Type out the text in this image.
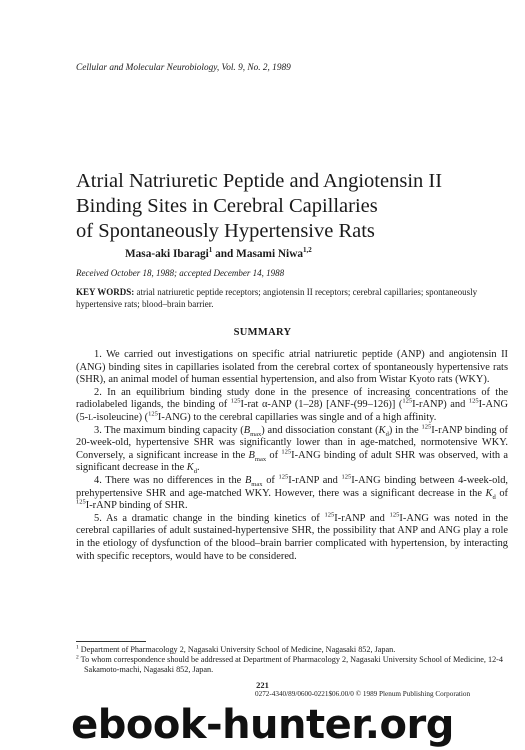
Cellular and Molecular Neurobiology, Vol. 9, No. 2, 1989
Atrial Natriuretic Peptide and Angiotensin II
Binding Sites in Cerebral Capillaries
of Spontaneously Hypertensive Rats
Masa-aki Ibaragi$^1$ and Masami Niwa$^{1,2}$
Received October 18, 1988; accepted December 14, 1988

KEY WORDS: atrial natriuretic peptide receptors; angiotensin II receptors; cerebral capillaries; spontaneously hypertensive rats; blood–brain barrier.

SUMMARY

1. We carried out investigations on specific atrial natriuretic peptide (ANP) and angiotensin II (ANG) binding sites in capillaries isolated from the cerebral cortex of spontaneously hypertensive rats (SHR), an animal model of human essential hypertension, and also from Wistar Kyoto rats (WKY).

2. In an equilibrium binding study done in the presence of increasing concentrations of the radiolabeled ligands, the binding of $^{125}$I-rat α-ANP (1–28) [ANF-(99–126)] ($^{125}$I-rANP) and $^{125}$I-ANG (5-L-isoleucine) ($^{125}$I-ANG) to the cerebral capillaries was single and of a high affinity.

3. The maximum binding capacity $(B_{max})$ and dissociation constant $(K_d)$ in the $^{125}$I-rANP binding of 20-week-old, hypertensive SHR was significantly lower than in age-matched, normotensive WKY. Conversely, a significant increase in the $B_{max}$ of $^{125}$I-ANG binding of adult SHR was observed, with a significant decrease in the $K_d$.

4. There was no differences in the $B_{max}$ of $^{125}$I-rANP and $^{125}$I-ANG binding between 4-week-old, prehypertensive SHR and age-matched WKY. However, there was a significant decrease in the $K_d$ of $^{125}$I-rANP binding of SHR.

5. As a dramatic change in the binding kinetics of $^{125}$I-rANP and $^{125}$I-ANG was noted in the cerebral capillaries of adult sustained-hypertensive SHR, the possibility that ANP and ANG play a role in the etiology of dysfunction of the blood–brain barrier complicated with hypertension, by interacting with specific receptors, would have to be considered.

$^1$ Department of Pharmacology 2, Nagasaki University School of Medicine, Nagasaki 852, Japan.

$^2$ To whom correspondence should be addressed at Department of Pharmacology 2, Nagasaki University School of Medicine, 12-4 Sakamoto-machi, Nagasaki 852, Japan.

221
0272-4340/89/0600-0221$06.00/0 © 1989 Plenum Publishing Corporation
ebook-hunter.org
